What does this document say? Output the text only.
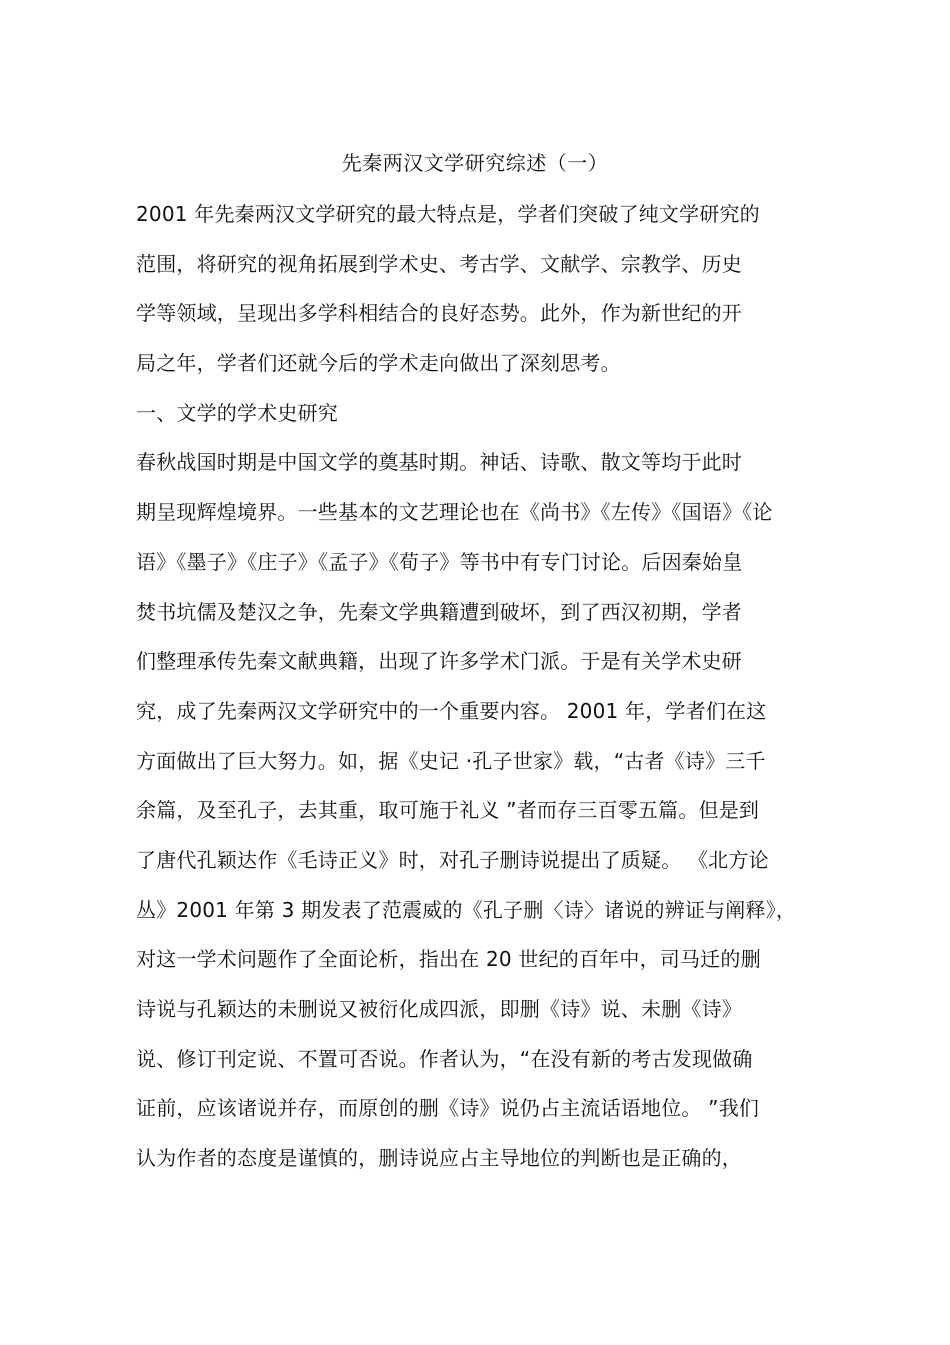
先秦两汉文学研究综述（一）
2001 年先秦两汉文学研究的最大特点是，学者们突破了纯文学研究的
范围，将研究的视角拓展到学术史、考古学、文献学、宗教学、历史
学等领域，呈现出多学科相结合的良好态势。此外，作为新世纪的开
局之年，学者们还就今后的学术走向做出了深刻思考。
一、文学的学术史研究
春秋战国时期是中国文学的奠基时期。神话、诗歌、散文等均于此时
期呈现辉煌境界。一些基本的文艺理论也在《尚书》《左传》《国语》《论
语》《墨子》《庄子》《孟子》《荀子》等书中有专门讨论。后因秦始皇
焚书坑儒及楚汉之争，先秦文学典籍遭到破坏，到了西汉初期，学者
们整理承传先秦文献典籍，出现了许多学术门派。于是有关学术史研
究，成了先秦两汉文学研究中的一个重要内容。 2001 年，学者们在这
方面做出了巨大努力。如，据《史记 ·孔子世家》载，“古者《诗》三千
余篇，及至孔子，去其重，取可施于礼义 ”者而存三百零五篇。但是到
了唐代孔颖达作《毛诗正义》时，对孔子删诗说提出了质疑。 《北方论
丛》2001 年第 3 期发表了范震威的《孔子删〈诗〉诸说的辨证与阐释》，
对这一学术问题作了全面论析，指出在 20 世纪的百年中，司马迁的删
诗说与孔颖达的未删说又被衍化成四派，即删《诗》说、未删《诗》
说、修订刊定说、不置可否说。作者认为，“在没有新的考古发现做确
证前，应该诸说并存，而原创的删《诗》说仍占主流话语地位。 ”我们
认为作者的态度是谨慎的，删诗说应占主导地位的判断也是正确的，
